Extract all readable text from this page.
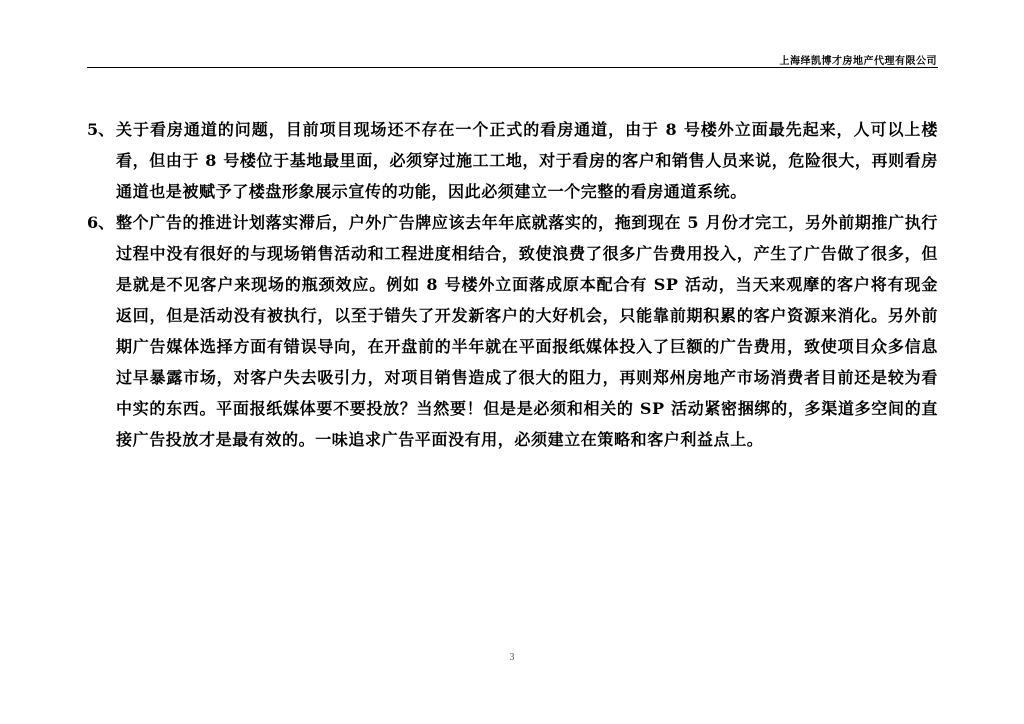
上海绎凯博才房地产代理有限公司
5、 关于看房通道的问题，目前项目现场还不存在一个正式的看房通道，由于 8 号楼外立面最先起来，人可以上楼看，但由于 8 号楼位于基地最里面，必须穿过施工工地，对于看房的客户和销售人员来说，危险很大，再则看房通道也是被赋予了楼盘形象展示宣传的功能，因此必须建立一个完整的看房通道系统。
6、 整个广告的推进计划落实滞后，户外广告牌应该去年年底就落实的，拖到现在 5 月份才完工，另外前期推广执行过程中没有很好的与现场销售活动和工程进度相结合，致使浪费了很多广告费用投入，产生了广告做了很多，但是就是不见客户来现场的瓶颈效应。例如 8 号楼外立面落成原本配合有 SP 活动，当天来观摩的客户将有现金返回，但是活动没有被执行，以至于错失了开发新客户的大好机会，只能靠前期积累的客户资源来消化。另外前期广告媒体选择方面有错误导向，在开盘前的半年就在平面报纸媒体投入了巨额的广告费用，致使项目众多信息过早暴露市场，对客户失去吸引力，对项目销售造成了很大的阻力，再则郑州房地产市场消费者目前还是较为看中实的东西。平面报纸媒体要不要投放？当然要！但是是必须和相关的 SP 活动紧密捆绑的，多渠道多空间的直接广告投放才是最有效的。一味追求广告平面没有用，必须建立在策略和客户利益点上。
3
